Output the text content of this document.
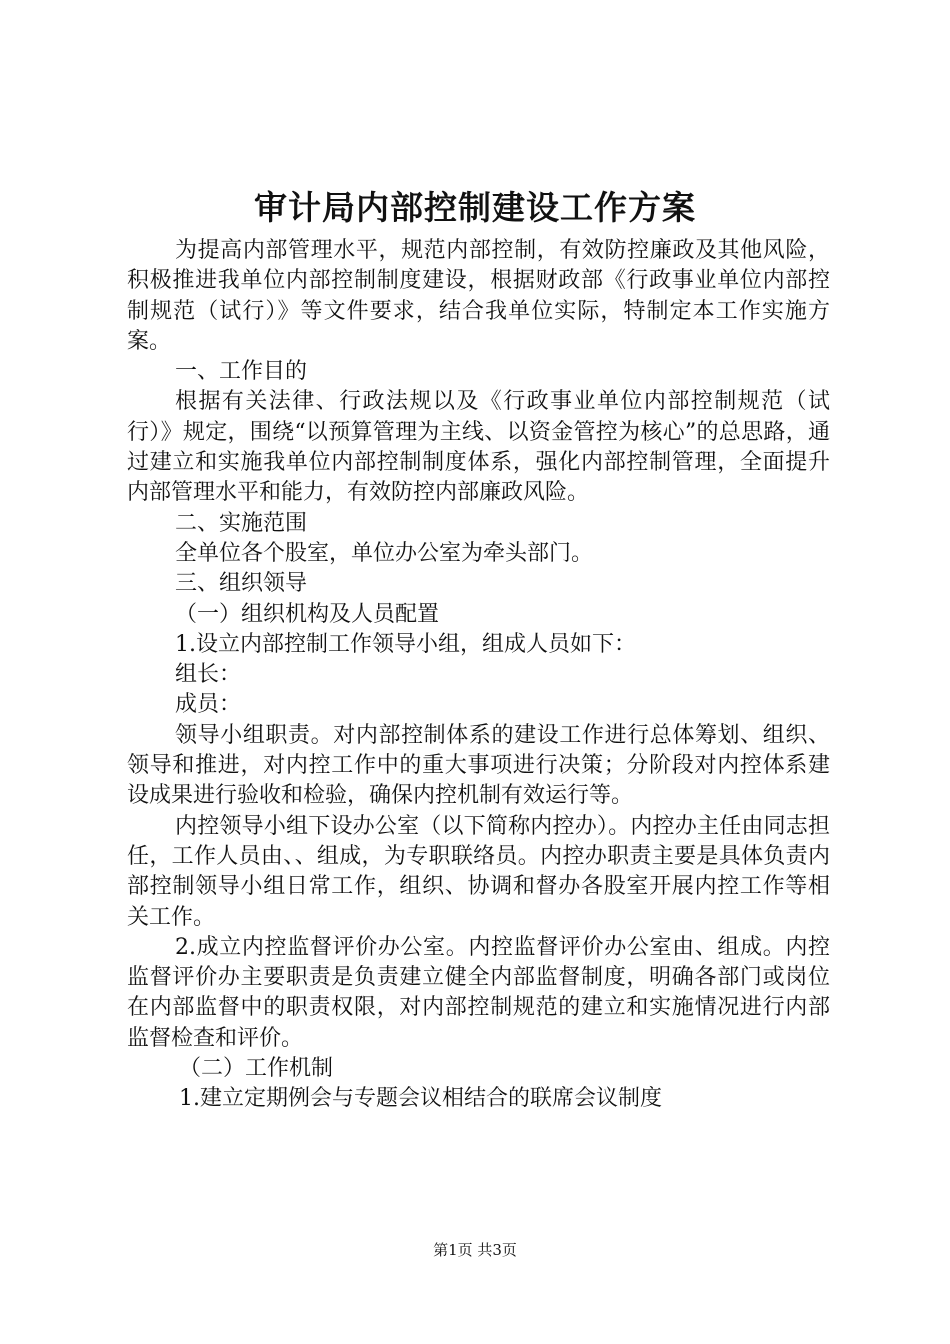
审计局内部控制建设工作方案

为提高内部管理水平，规范内部控制，有效防控廉政及其他风险，积极推进我单位内部控制制度建设，根据财政部《行政事业单位内部控制规范（试行）》等文件要求，结合我单位实际，特制定本工作实施方案。

一、工作目的

根据有关法律、行政法规以及《行政事业单位内部控制规范（试行）》规定，围绕“以预算管理为主线、以资金管控为核心”的总思路，通过建立和实施我单位内部控制制度体系，强化内部控制管理，全面提升内部管理水平和能力，有效防控内部廉政风险。

二、实施范围

全单位各个股室，单位办公室为牵头部门。

三、组织领导

（一）组织机构及人员配置

1.设立内部控制工作领导小组，组成人员如下：

组长：

成员：

领导小组职责。对内部控制体系的建设工作进行总体筹划、组织、领导和推进，对内控工作中的重大事项进行决策；分阶段对内控体系建设成果进行验收和检验，确保内控机制有效运行等。

内控领导小组下设办公室（以下简称内控办）。内控办主任由同志担任，工作人员由、、组成，为专职联络员。内控办职责主要是具体负责内部控制领导小组日常工作，组织、协调和督办各股室开展内控工作等相关工作。

2.成立内控监督评价办公室。内控监督评价办公室由、组成。内控监督评价办主要职责是负责建立健全内部监督制度，明确各部门或岗位在内部监督中的职责权限，对内部控制规范的建立和实施情况进行内部监督检查和评价。

（二）工作机制

1.建立定期例会与专题会议相结合的联席会议制度

第1页 共3页
